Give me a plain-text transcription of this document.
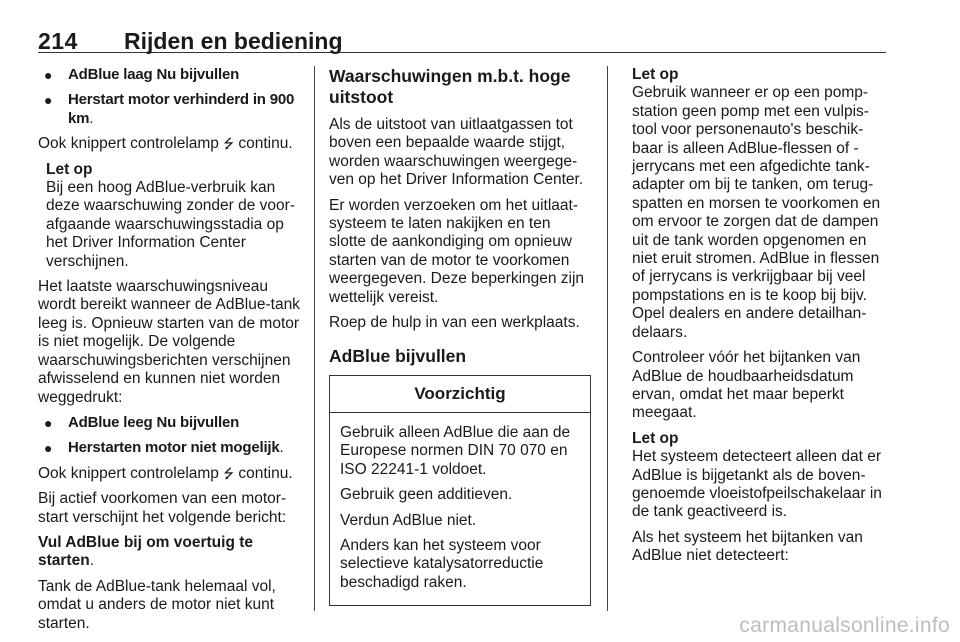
214 Rijden en bediening
● AdBlue laag Nu bijvullen
● Herstart motor verhinderd in 900 km.

Ook knippert controlelamp ⭍ continu.

Let op
Bij een hoog AdBlue-verbruik kan deze waarschuwing zonder de voor-afgaande waarschuwingsstadia op het Driver Information Center verschijnen.

Het laatste waarschuwingsniveau wordt bereikt wanneer de AdBlue-tank leeg is. Opnieuw starten van de motor is niet mogelijk. De volgende waarschuwingsberichten verschijnen afwisselend en kunnen niet worden weggedrukt:

● AdBlue leeg Nu bijvullen
● Herstarten motor niet mogelijk.

Ook knippert controlelamp ⭍ continu.

Bij actief voorkomen van een motor-start verschijnt het volgende bericht:

Vul AdBlue bij om voertuig te starten.

Tank de AdBlue-tank helemaal vol, omdat u anders de motor niet kunt starten.

Waarschuwingen m.b.t. hoge uitstoot

Als de uitstoot van uitlaatgassen tot boven een bepaalde waarde stijgt, worden waarschuwingen weergege-ven op het Driver Information Center.

Er worden verzoeken om het uitlaat-systeem te laten nakijken en ten slotte de aankondiging om opnieuw starten van de motor te voorkomen weergegeven. Deze beperkingen zijn wettelijk vereist.

Roep de hulp in van een werkplaats.

AdBlue bijvullen
Voorzichtig

Gebruik alleen AdBlue die aan de Europese normen DIN 70 070 en ISO 22241-1 voldoet.

Gebruik geen additieven.

Verdun AdBlue niet.

Anders kan het systeem voor selectieve katalysatorreductie beschadigd raken.

Let op
Gebruik wanneer er op een pomp-station geen pomp met een vulpis-tool voor personenauto's beschik-baar is alleen AdBlue-flessen of -jerrycans met een afgedichte tank-adapter om bij te tanken, om terug-spatten en morsen te voorkomen en om ervoor te zorgen dat de dampen uit de tank worden opgenomen en niet eruit stromen. AdBlue in flessen of jerrycans is verkrijgbaar bij veel pompstations en is te koop bij bijv. Opel dealers en andere detailhan-delaars.

Controleer vóór het bijtanken van AdBlue de houdbaarheidsdatum ervan, omdat het maar beperkt meegaat.

Let op
Het systeem detecteert alleen dat er AdBlue is bijgetankt als de boven-genoemde vloeistofpeilschakelaar in de tank geactiveerd is.

Als het systeem het bijtanken van AdBlue niet detecteert:

carmanualsonline.info
